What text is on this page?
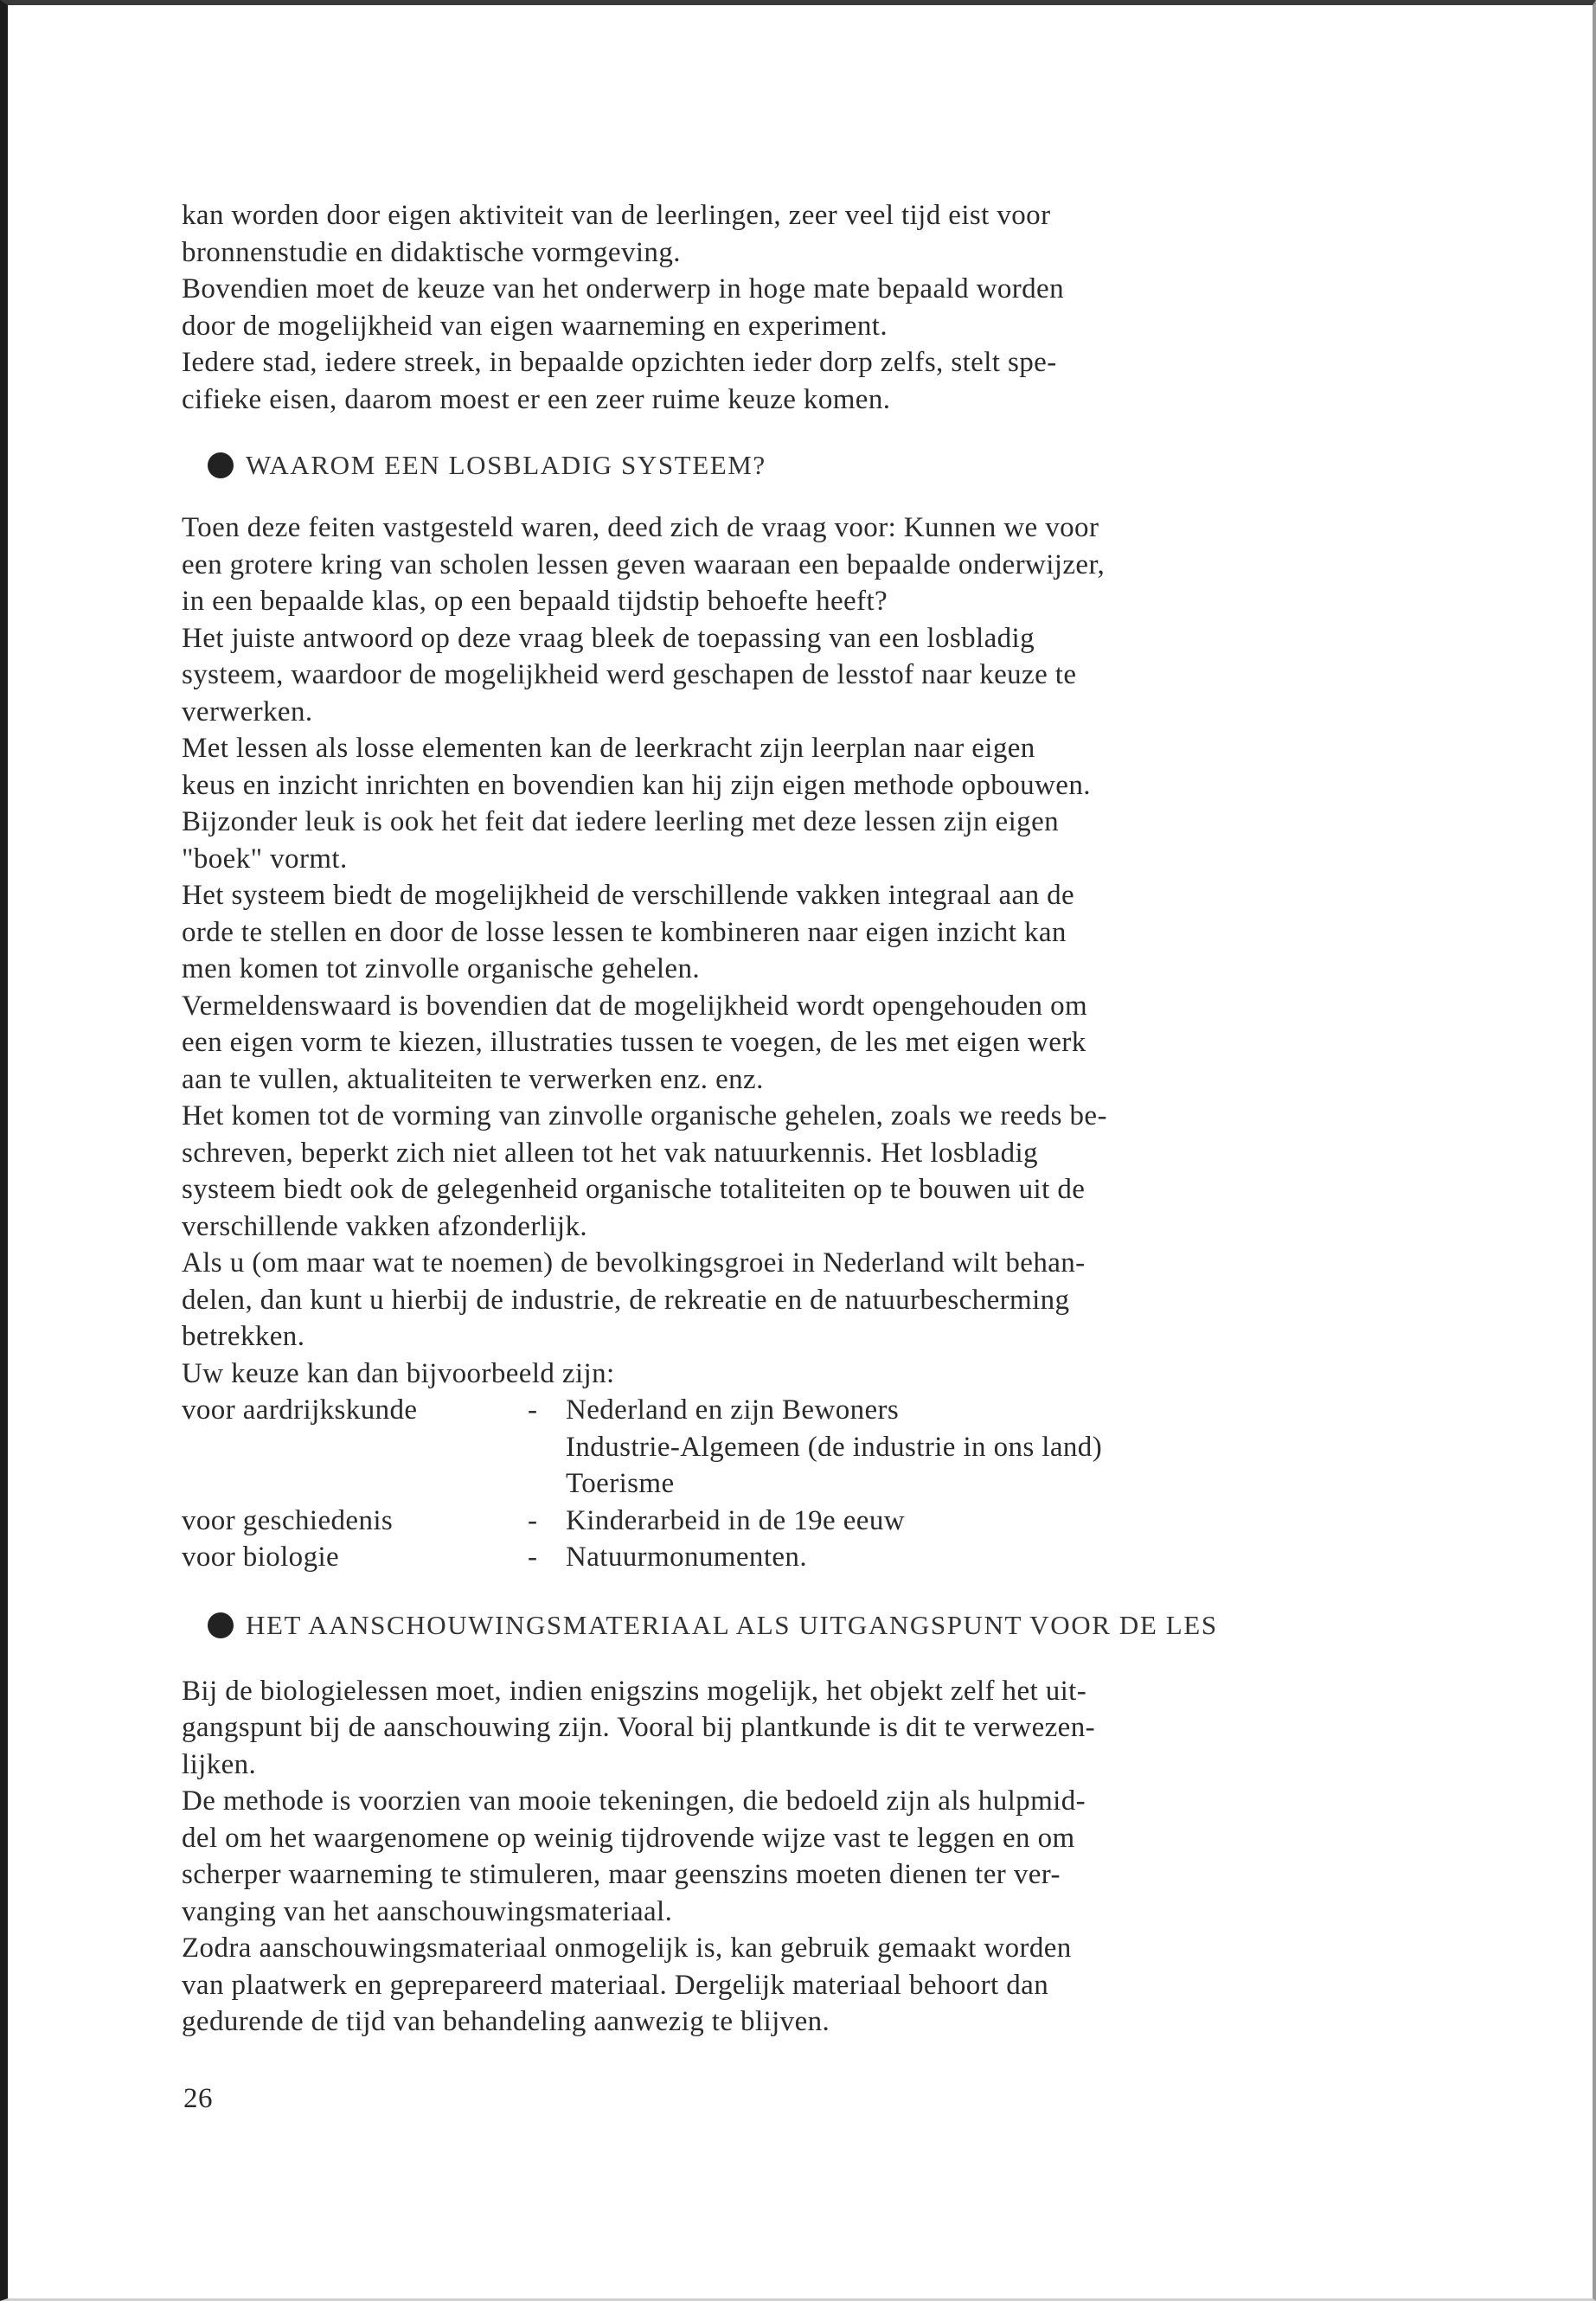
kan worden door eigen aktiviteit van de leerlingen, zeer veel tijd eist voor
bronnenstudie en didaktische vormgeving.
Bovendien moet de keuze van het onderwerp in hoge mate bepaald worden
door de mogelijkheid van eigen waarneming en experiment.
Iedere stad, iedere streek, in bepaalde opzichten ieder dorp zelfs, stelt spe-
cifieke eisen, daarom moest er een zeer ruime keuze komen.
WAAROM EEN LOSBLADIG SYSTEEM?
Toen deze feiten vastgesteld waren, deed zich de vraag voor: Kunnen we voor
een grotere kring van scholen lessen geven waaraan een bepaalde onderwijzer,
in een bepaalde klas, op een bepaald tijdstip behoefte heeft?
Het juiste antwoord op deze vraag bleek de toepassing van een losbladig
systeem, waardoor de mogelijkheid werd geschapen de lesstof naar keuze te
verwerken.
Met lessen als losse elementen kan de leerkracht zijn leerplan naar eigen
keus en inzicht inrichten en bovendien kan hij zijn eigen methode opbouwen.
Bijzonder leuk is ook het feit dat iedere leerling met deze lessen zijn eigen
"boek" vormt.
Het systeem biedt de mogelijkheid de verschillende vakken integraal aan de
orde te stellen en door de losse lessen te kombineren naar eigen inzicht kan
men komen tot zinvolle organische gehelen.
Vermeldenswaard is bovendien dat de mogelijkheid wordt opengehouden om
een eigen vorm te kiezen, illustraties tussen te voegen, de les met eigen werk
aan te vullen, aktualiteiten te verwerken enz. enz.
Het komen tot de vorming van zinvolle organische gehelen, zoals we reeds be-
schreven, beperkt zich niet alleen tot het vak natuurkennis. Het losbladig
systeem biedt ook de gelegenheid organische totaliteiten op te bouwen uit de
verschillende vakken afzonderlijk.
Als u (om maar wat te noemen) de bevolkingsgroei in Nederland wilt behan-
delen, dan kunt u hierbij de industrie, de rekreatie en de natuurbescherming
betrekken.
Uw keuze kan dan bijvoorbeeld zijn:
voor aardrijkskunde	- Nederland en zijn Bewoners
Industrie-Algemeen (de industrie in ons land)
Toerisme
voor geschiedenis	- Kinderarbeid in de 19e eeuw
voor biologie	- Natuurmonumenten.
HET AANSCHOUWINGSMATERIAAL ALS UITGANGSPUNT VOOR DE LES
Bij de biologielessen moet, indien enigszins mogelijk, het objekt zelf het uit-
gangspunt bij de aanschouwing zijn. Vooral bij plantkunde is dit te verwezen-
lijken.
De methode is voorzien van mooie tekeningen, die bedoeld zijn als hulpmid-
del om het waargenomene op weinig tijdrovende wijze vast te leggen en om
scherper waarneming te stimuleren, maar geenszins moeten dienen ter ver-
vanging van het aanschouwingsmateriaal.
Zodra aanschouwingsmateriaal onmogelijk is, kan gebruik gemaakt worden
van plaatwerk en geprepareerd materiaal. Dergelijk materiaal behoort dan
gedurende de tijd van behandeling aanwezig te blijven.
26
